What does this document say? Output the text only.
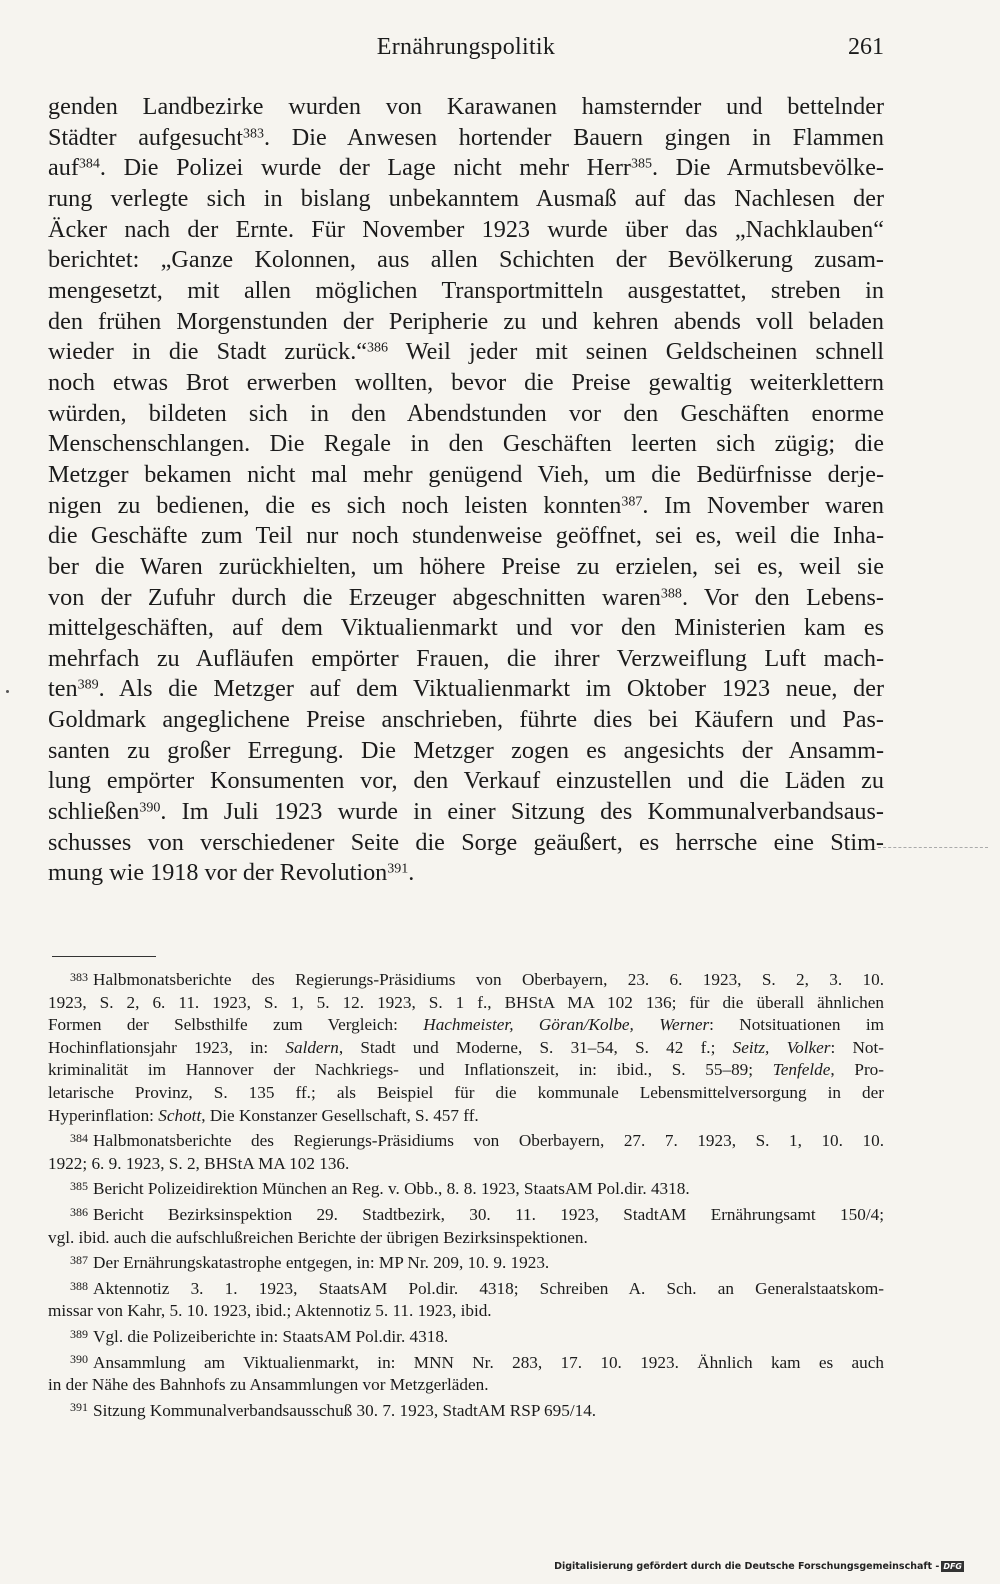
Ernährungspolitik	261
genden Landbezirke wurden von Karawanen hamsternder und bettelnder
Städter aufgesucht$^{383}$. Die Anwesen hortender Bauern gingen in Flammen
auf$^{384}$. Die Polizei wurde der Lage nicht mehr Herr$^{385}$. Die Armutsbevölke-
rung verlegte sich in bislang unbekanntem Ausmaß auf das Nachlesen der
Äcker nach der Ernte. Für November 1923 wurde über das „Nachklauben“
berichtet: „Ganze Kolonnen, aus allen Schichten der Bevölkerung zusam-
mengesetzt, mit allen möglichen Transportmitteln ausgestattet, streben in
den frühen Morgenstunden der Peripherie zu und kehren abends voll beladen
wieder in die Stadt zurück.“$^{386}$ Weil jeder mit seinen Geldscheinen schnell
noch etwas Brot erwerben wollten, bevor die Preise gewaltig weiterklettern
würden, bildeten sich in den Abendstunden vor den Geschäften enorme
Menschenschlangen. Die Regale in den Geschäften leerten sich zügig; die
Metzger bekamen nicht mal mehr genügend Vieh, um die Bedürfnisse derje-
nigen zu bedienen, die es sich noch leisten konnten$^{387}$. Im November waren
die Geschäfte zum Teil nur noch stundenweise geöffnet, sei es, weil die Inha-
ber die Waren zurückhielten, um höhere Preise zu erzielen, sei es, weil sie
von der Zufuhr durch die Erzeuger abgeschnitten waren$^{388}$. Vor den Lebens-
mittelgeschäften, auf dem Viktualienmarkt und vor den Ministerien kam es
mehrfach zu Aufläufen empörter Frauen, die ihrer Verzweiflung Luft mach-
ten$^{389}$. Als die Metzger auf dem Viktualienmarkt im Oktober 1923 neue, der
Goldmark angeglichene Preise anschrieben, führte dies bei Käufern und Pas-
santen zu großer Erregung. Die Metzger zogen es angesichts der Ansamm-
lung empörter Konsumenten vor, den Verkauf einzustellen und die Läden zu
schließen$^{390}$. Im Juli 1923 wurde in einer Sitzung des Kommunalverbandsaus-
schusses von verschiedener Seite die Sorge geäußert, es herrsche eine Stim-
mung wie 1918 vor der Revolution$^{391}$.
$^{383}$ Halbmonatsberichte des Regierungs-Präsidiums von Oberbayern, 23. 6. 1923, S. 2, 3. 10.
1923, S. 2, 6. 11. 1923, S. 1, 5. 12. 1923, S. 1 f., BHStA MA 102 136; für die überall ähnlichen
Formen der Selbsthilfe zum Vergleich: Hachmeister, Göran/Kolbe, Werner: Notsituationen im
Hochinflationsjahr 1923, in: Saldern, Stadt und Moderne, S. 31–54, S. 42 f.; Seitz, Volker: Not-
kriminalität im Hannover der Nachkriegs- und Inflationszeit, in: ibid., S. 55–89; Tenfelde, Pro-
letarische Provinz, S. 135 ff.; als Beispiel für die kommunale Lebensmittelversorgung in der
Hyperinflation: Schott, Die Konstanzer Gesellschaft, S. 457 ff.
$^{384}$ Halbmonatsberichte des Regierungs-Präsidiums von Oberbayern, 27. 7. 1923, S. 1, 10. 10.
1922; 6. 9. 1923, S. 2, BHStA MA 102 136.
$^{385}$ Bericht Polizeidirektion München an Reg. v. Obb., 8. 8. 1923, StaatsAM Pol.dir. 4318.
$^{386}$ Bericht Bezirksinspektion 29. Stadtbezirk, 30. 11. 1923, StadtAM Ernährungsamt 150/4;
vgl. ibid. auch die aufschlußreichen Berichte der übrigen Bezirksinspektionen.
$^{387}$ Der Ernährungskatastrophe entgegen, in: MP Nr. 209, 10. 9. 1923.
$^{388}$ Aktennotiz 3. 1. 1923, StaatsAM Pol.dir. 4318; Schreiben A. Sch. an Generalstaatskom-
missar von Kahr, 5. 10. 1923, ibid.; Aktennotiz 5. 11. 1923, ibid.
$^{389}$ Vgl. die Polizeiberichte in: StaatsAM Pol.dir. 4318.
$^{390}$ Ansammlung am Viktualienmarkt, in: MNN Nr. 283, 17. 10. 1923. Ähnlich kam es auch
in der Nähe des Bahnhofs zu Ansammlungen vor Metzgerläden.
$^{391}$ Sitzung Kommunalverbandsausschuß 30. 7. 1923, StadtAM RSP 695/14.
Digitalisierung gefördert durch die Deutsche Forschungsgemeinschaft - DFG
